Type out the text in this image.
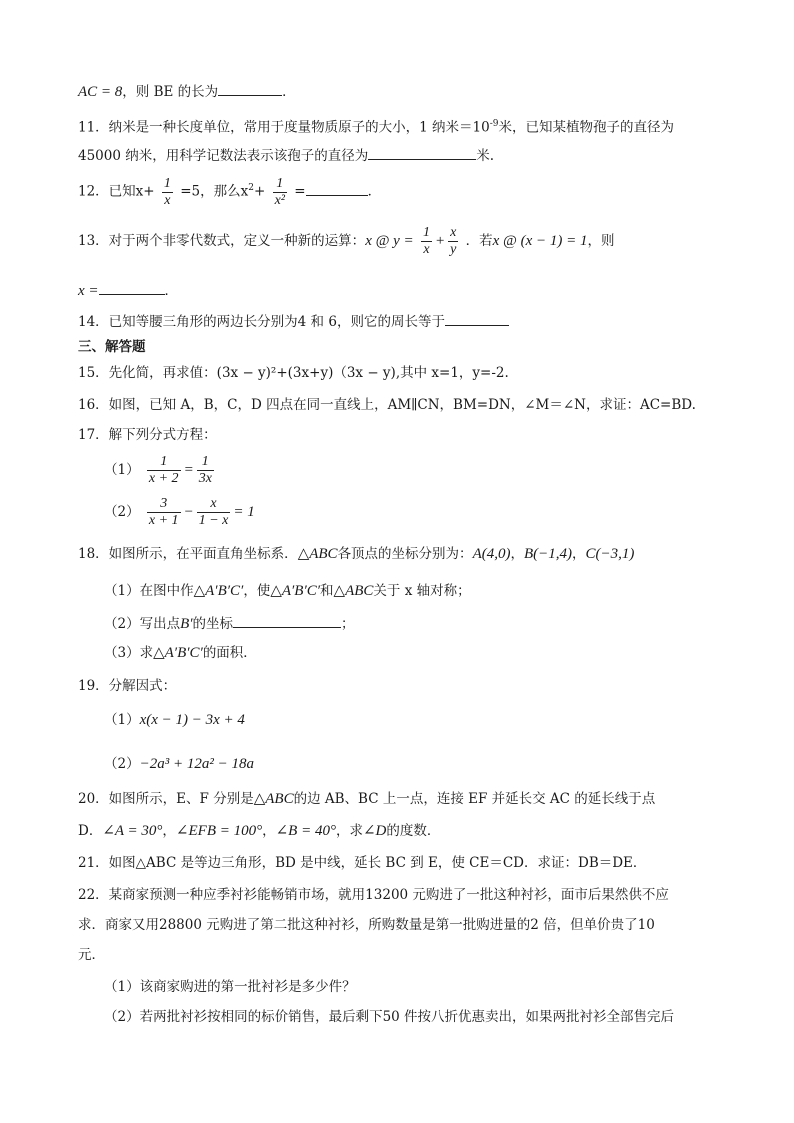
AC = 8，则 BE 的长为	．
11．纳米是一种长度单位，常用于度量物质原子的大小，1 纳米$=10^{-9}$米，已知某植物孢子的直径为
45000 纳米，用科学记数法表示该孢子的直径为	米.
12．已知$x+ \frac{1}{x} =5$，那么$x^2+ \frac{1}{\text{x²}}$ =	．
13．对于两个非零代数式，定义一种新的运算：x @ $y = \frac{1}{x} + \frac{x}{y}$ ．若x @ (x − 1) = 1，则
x =	．
14．已知等腰三角形的两边长分别为4 和 6，则它的周长等于
三、解答题
15．先化简，再求值：(3x − y)²+(3x+y)（3x − y),其中 x=1，y=-2.
16．如图，已知 A，B，C，D 四点在同一直线上，AM∥CN，BM=DN，∠M＝∠N，求证：AC=BD.
17．解下列分式方程：
$(1) \frac{1}{x + 2} = \frac{1}{3x}$
$(2) \frac{3}{x + 1} - \frac{x}{1 - x} = 1$
18．如图所示，在平面直角坐标系．△ABC各顶点的坐标分别为：A(4,0)，B(−1,4)，C(−3,1)
（1）在图中作△A′B′C′，使△A′B′C′和△ABC关于 x 轴对称；
（2）写出点B′的坐标	；
（3）求△A′B′C′的面积．
19．分解因式：
（1）x(x − 1) − 3x + 4
（2）−2a³ + 12a² − 18a
20．如图所示，E、F 分别是△ABC的边 AB、BC 上一点，连接 EF 并延长交 AC 的延长线于点
D．∠A = 30°，∠EFB = 100°，∠B = 40°，求∠D的度数．
21．如图△ABC 是等边三角形，BD 是中线，延长 BC 到 E，使 CE＝CD．求证：DB＝DE．
22．某商家预测一种应季衬衫能畅销市场，就用13200 元购进了一批这种衬衫，面市后果然供不应
求．商家又用28800 元购进了第二批这种衬衫，所购数量是第一批购进量的2 倍，但单价贵了10
元．
（1）该商家购进的第一批衬衫是多少件？
（2）若两批衬衫按相同的标价销售，最后剩下50 件按八折优惠卖出，如果两批衬衫全部售完后
